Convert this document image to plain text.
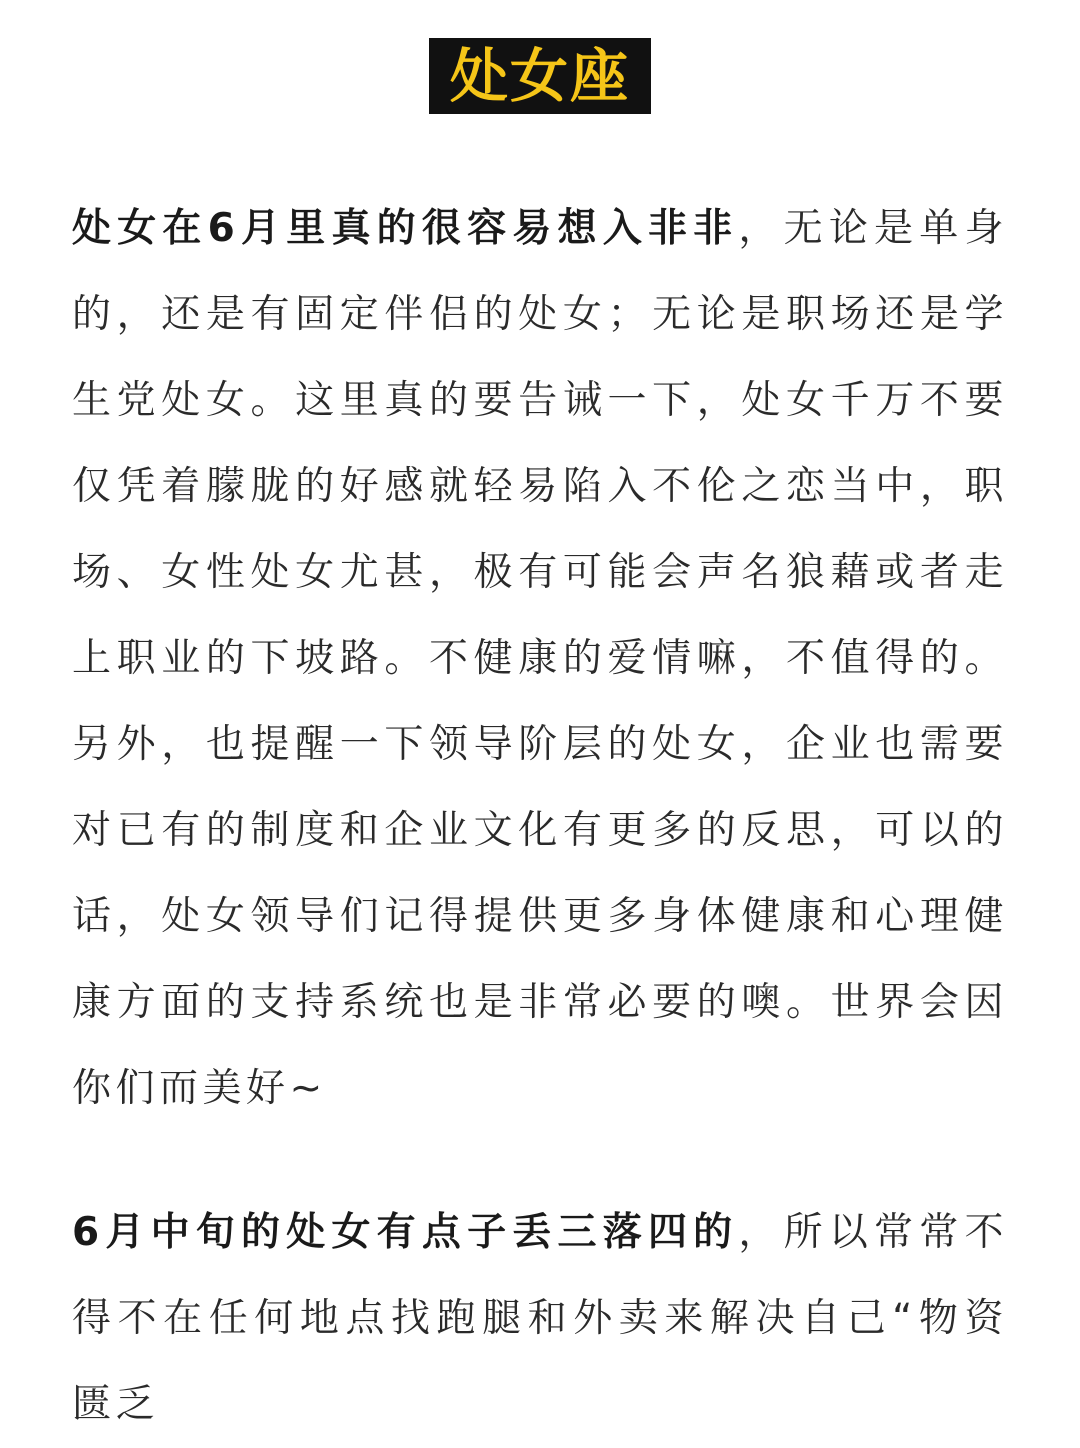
处女座

处女在6月里真的很容易想入非非，无论是单身的，还是有固定伴侣的处女；无论是职场还是学生党处女。这里真的要告诫一下，处女千万不要仅凭着朦胧的好感就轻易陷入不伦之恋当中，职场、女性处女尤甚，极有可能会声名狼藉或者走上职业的下坡路。不健康的爱情嘛，不值得的。另外，也提醒一下领导阶层的处女，企业也需要对已有的制度和企业文化有更多的反思，可以的话，处女领导们记得提供更多身体健康和心理健康方面的支持系统也是非常必要的噢。世界会因你们而美好~

6月中旬的处女有点子丢三落四的，所以常常不得不在任何地点找跑腿和外卖来解决自己“物资匮乏
